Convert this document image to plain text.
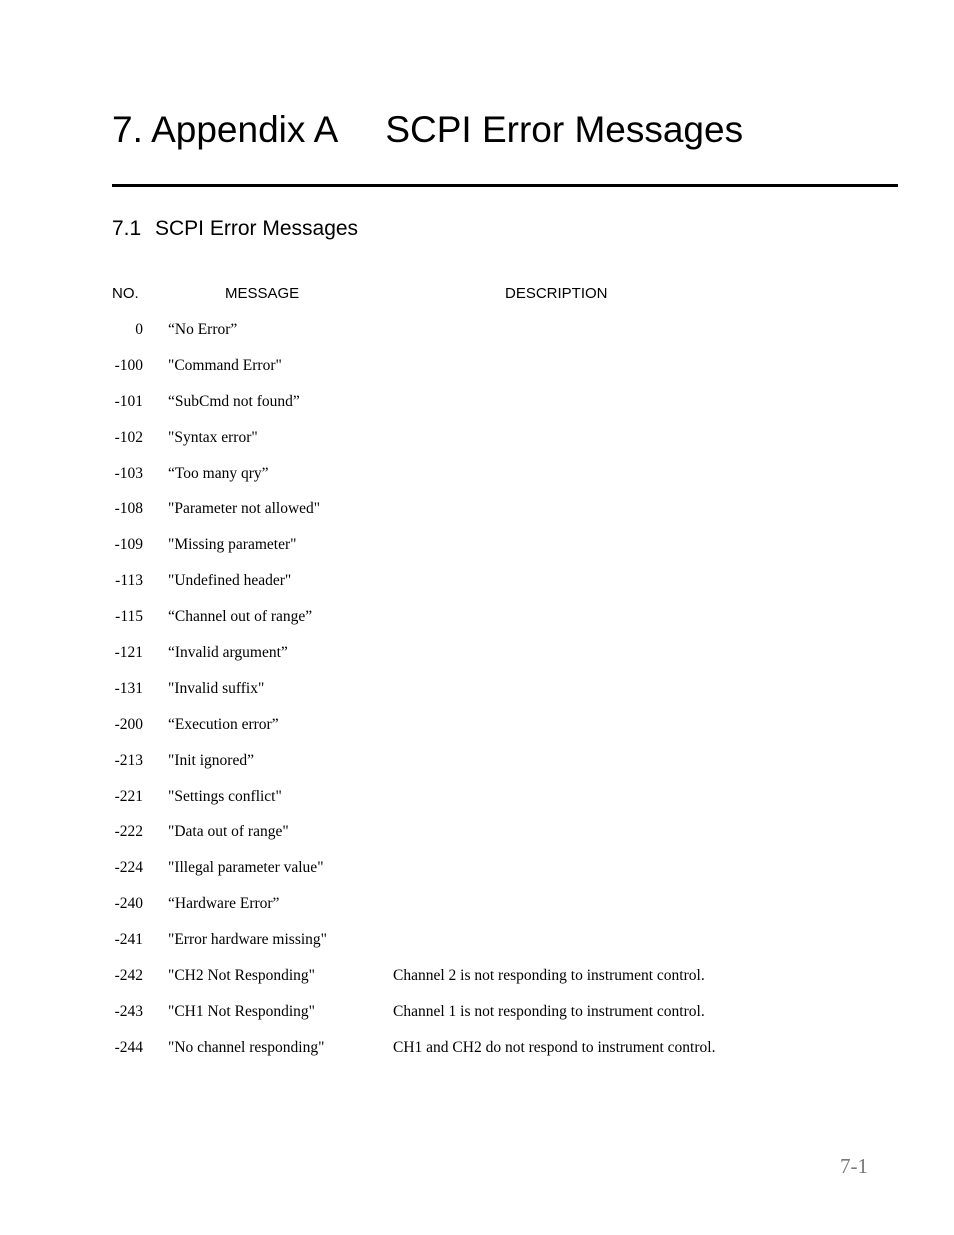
7. Appendix A SCPI Error Messages
7.1 SCPI Error Messages
NO.	MESSAGE	DESCRIPTION
0 “No Error”
-100 "Command Error"
-101 “SubCmd not found”
-102 "Syntax error"
-103 “Too many qry”
-108 "Parameter not allowed"
-109 "Missing parameter"
-113 "Undefined header"
-115 “Channel out of range”
-121 “Invalid argument”
-131 "Invalid suffix"
-200 “Execution error”
-213 "Init ignored”
-221 "Settings conflict"
-222 "Data out of range"
-224 "Illegal parameter value"
-240 “Hardware Error”
-241 "Error hardware missing"
-242 "CH2 Not Responding"	Channel 2 is not responding to instrument control.
-243 "CH1 Not Responding"	Channel 1 is not responding to instrument control.
-244 "No channel responding"	CH1 and CH2 do not respond to instrument control.
7-1
